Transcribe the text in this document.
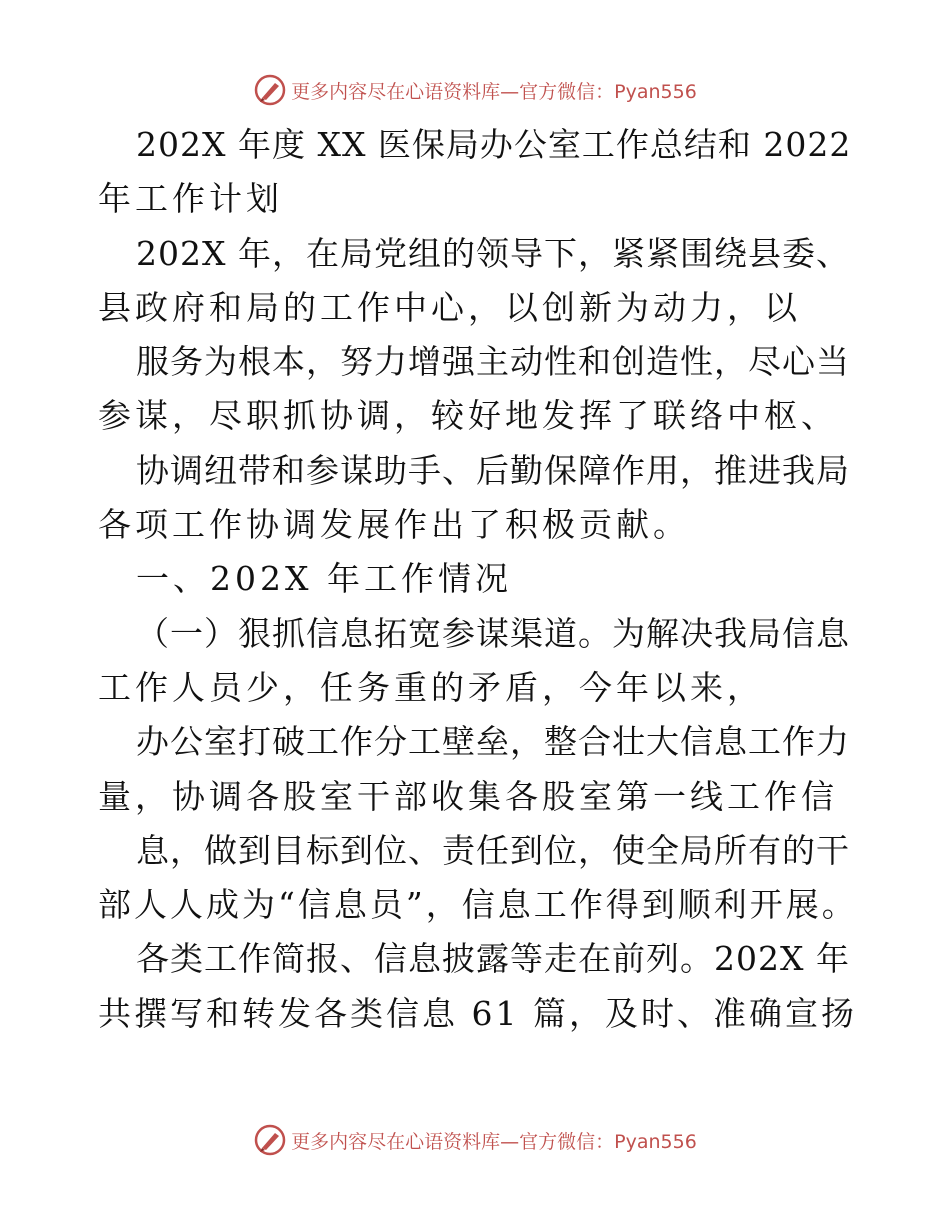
更多内容尽在心语资料库—官方微信：Pyan556
202X 年度 XX 医保局办公室工作总结和 2022
年工作计划
202X 年，在局党组的领导下，紧紧围绕县委、
县政府和局的工作中心，以创新为动力，以
服务为根本，努力增强主动性和创造性，尽心当
参谋，尽职抓协调，较好地发挥了联络中枢、
协调纽带和参谋助手、后勤保障作用，推进我局
各项工作协调发展作出了积极贡献。
一、202X 年工作情况
（一）狠抓信息拓宽参谋渠道。为解决我局信息
工作人员少，任务重的矛盾，今年以来，
办公室打破工作分工壁垒，整合壮大信息工作力
量，协调各股室干部收集各股室第一线工作信
息，做到目标到位、责任到位，使全局所有的干
部人人成为“信息员”，信息工作得到顺利开展。
各类工作简报、信息披露等走在前列。202X 年
共撰写和转发各类信息 61 篇，及时、准确宣扬
更多内容尽在心语资料库—官方微信：Pyan556
